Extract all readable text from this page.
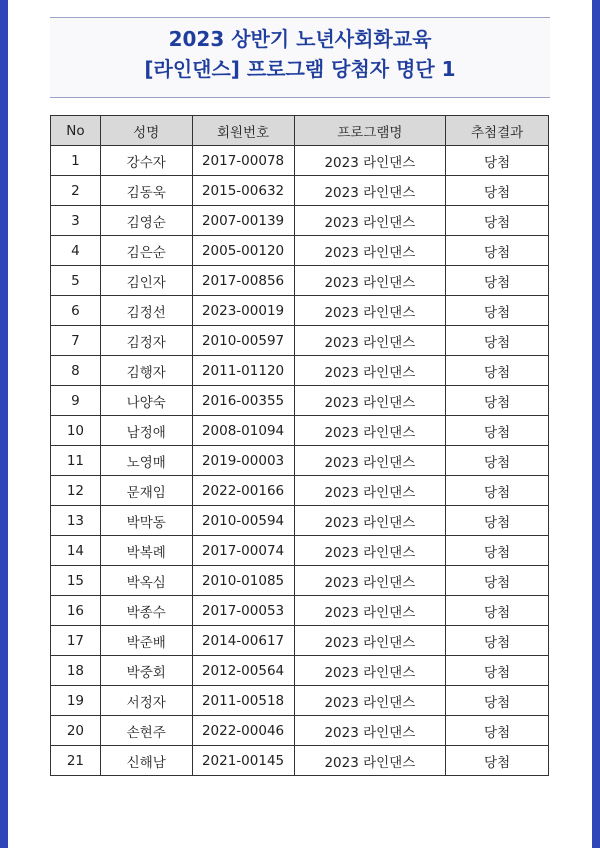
2023 상반기 노년사회화교육
[라인댄스] 프로그램 당첨자 명단 1
No	성명	회원번호	프로그램명	추첨결과
1	강수자	2017-00078	2023 라인댄스	당첨
2	김동욱	2015-00632	2023 라인댄스	당첨
3	김영순	2007-00139	2023 라인댄스	당첨
4	김은순	2005-00120	2023 라인댄스	당첨
5	김인자	2017-00856	2023 라인댄스	당첨
6	김정선	2023-00019	2023 라인댄스	당첨
7	김정자	2010-00597	2023 라인댄스	당첨
8	김행자	2011-01120	2023 라인댄스	당첨
9	나양숙	2016-00355	2023 라인댄스	당첨
10	남정애	2008-01094	2023 라인댄스	당첨
11	노영매	2019-00003	2023 라인댄스	당첨
12	문재임	2022-00166	2023 라인댄스	당첨
13	박막동	2010-00594	2023 라인댄스	당첨
14	박복례	2017-00074	2023 라인댄스	당첨
15	박옥심	2010-01085	2023 라인댄스	당첨
16	박종수	2017-00053	2023 라인댄스	당첨
17	박준배	2014-00617	2023 라인댄스	당첨
18	박중회	2012-00564	2023 라인댄스	당첨
19	서정자	2011-00518	2023 라인댄스	당첨
20	손현주	2022-00046	2023 라인댄스	당첨
21	신해남	2021-00145	2023 라인댄스	당첨
